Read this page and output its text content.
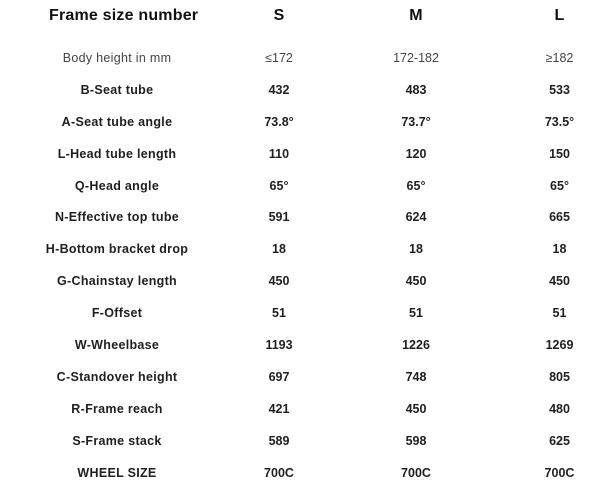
Frame size number	S	M	L

Body height in mm	≤172	172-182	≥182
B-Seat tube	432	483	533
A-Seat tube angle	73.8°	73.7°	73.5°
L-Head tube length	110	120	150
Q-Head angle	65°	65°	65°
N-Effective top tube	591	624	665
H-Bottom bracket drop	18	18	18
G-Chainstay length	450	450	450
F-Offset	51	51	51
W-Wheelbase	1193	1226	1269
C-Standover height	697	748	805
R-Frame reach	421	450	480
S-Frame stack	589	598	625
WHEEL SIZE	700C	700C	700C
